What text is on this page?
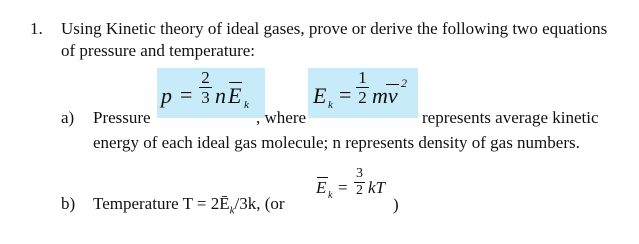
1. Using Kinetic theory of ideal gases, prove or derive the following two equations
of pressure and temperature:
p =
2
3 n E k	E k =
1
2 mv 2
a) Pressure	, where	represents average kinetic
energy of each ideal gas molecule; n represents density of gas numbers.
b) Temperature $T = 2Ē_k/3k$, (or
E k =
3
2 kT
)
